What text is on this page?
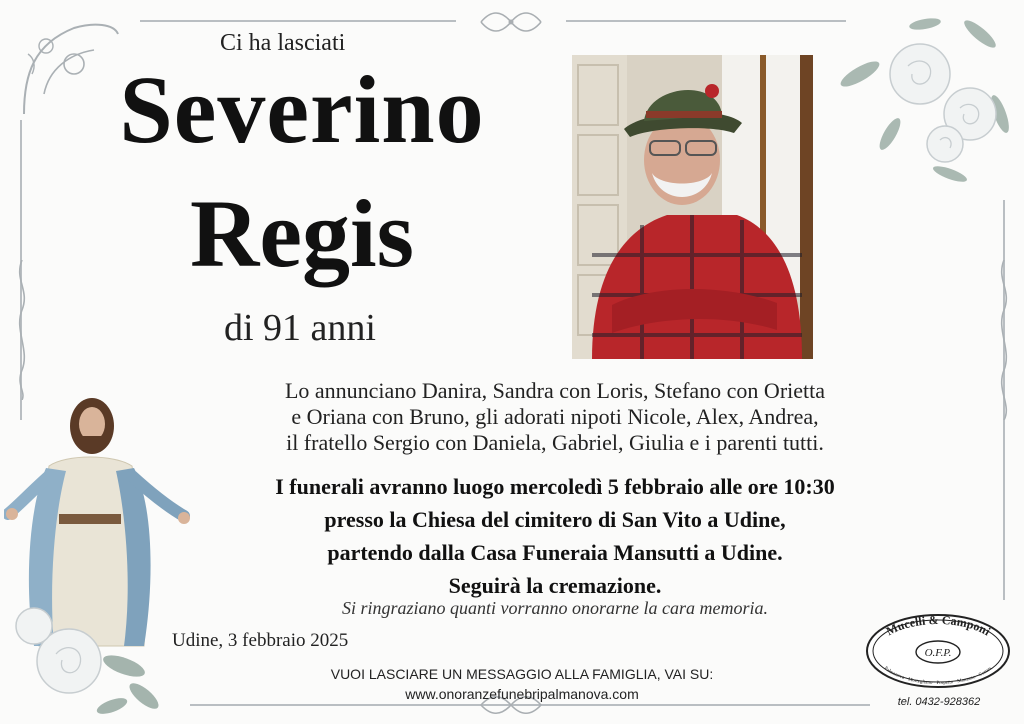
Ci ha lasciati
Severino
Regis
di 91 anni
Lo annunciano Danira, Sandra con Loris, Stefano con Orietta
e Oriana con Bruno, gli adorati nipoti Nicole, Alex, Andrea,
il fratello Sergio con Daniela, Gabriel, Giulia e i parenti tutti.
I funerali avranno luogo mercoledì 5 febbraio alle ore 10:30
presso la Chiesa del cimitero di San Vito a Udine,
partendo dalla Casa Funeraia Mansutti a Udine.
Seguirà la cremazione.
Si ringraziano quanti vorranno onorarne la cara memoria.
Udine, 3 febbraio 2025
VUOI LASCIARE UN MESSAGGIO ALLA FAMIGLIA, VAI SU:
www.onoranzefunebripalmanova.com
Mucelli & Camponi
Palmanova · Mortegliano · Porpetto · Manzano · Gonars
O.F.P.
tel. 0432-928362
